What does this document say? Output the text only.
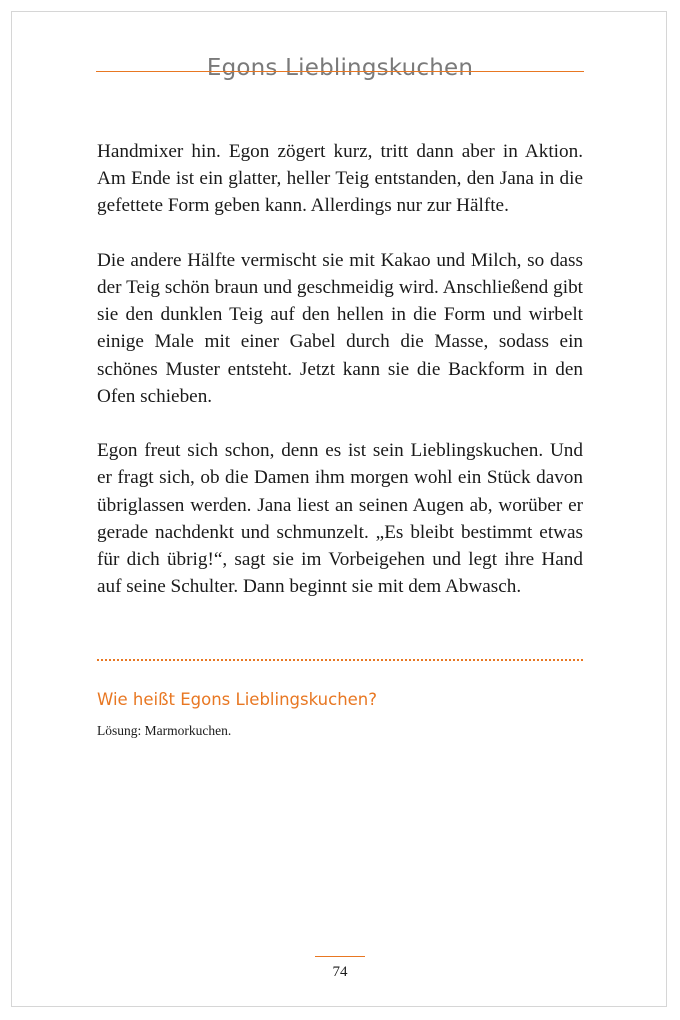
Egons Lieblingskuchen

Handmixer hin. Egon zögert kurz, tritt dann aber in Aktion. Am Ende ist ein glatter, heller Teig entstanden, den Jana in die gefettete Form geben kann. Allerdings nur zur Hälfte.

Die andere Hälfte vermischt sie mit Kakao und Milch, so dass der Teig schön braun und geschmeidig wird. Anschließend gibt sie den dunklen Teig auf den hellen in die Form und wirbelt einige Male mit einer Gabel durch die Masse, sodass ein schönes Muster entsteht. Jetzt kann sie die Backform in den Ofen schieben.

Egon freut sich schon, denn es ist sein Lieblingskuchen. Und er fragt sich, ob die Damen ihm morgen wohl ein Stück davon übriglassen werden. Jana liest an seinen Augen ab, worüber er gerade nachdenkt und schmunzelt. „Es bleibt bestimmt etwas für dich übrig!“, sagt sie im Vorbeigehen und legt ihre Hand auf seine Schulter. Dann beginnt sie mit dem Abwasch.

Wie heißt Egons Lieblingskuchen?
Lösung: Marmorkuchen.
74
